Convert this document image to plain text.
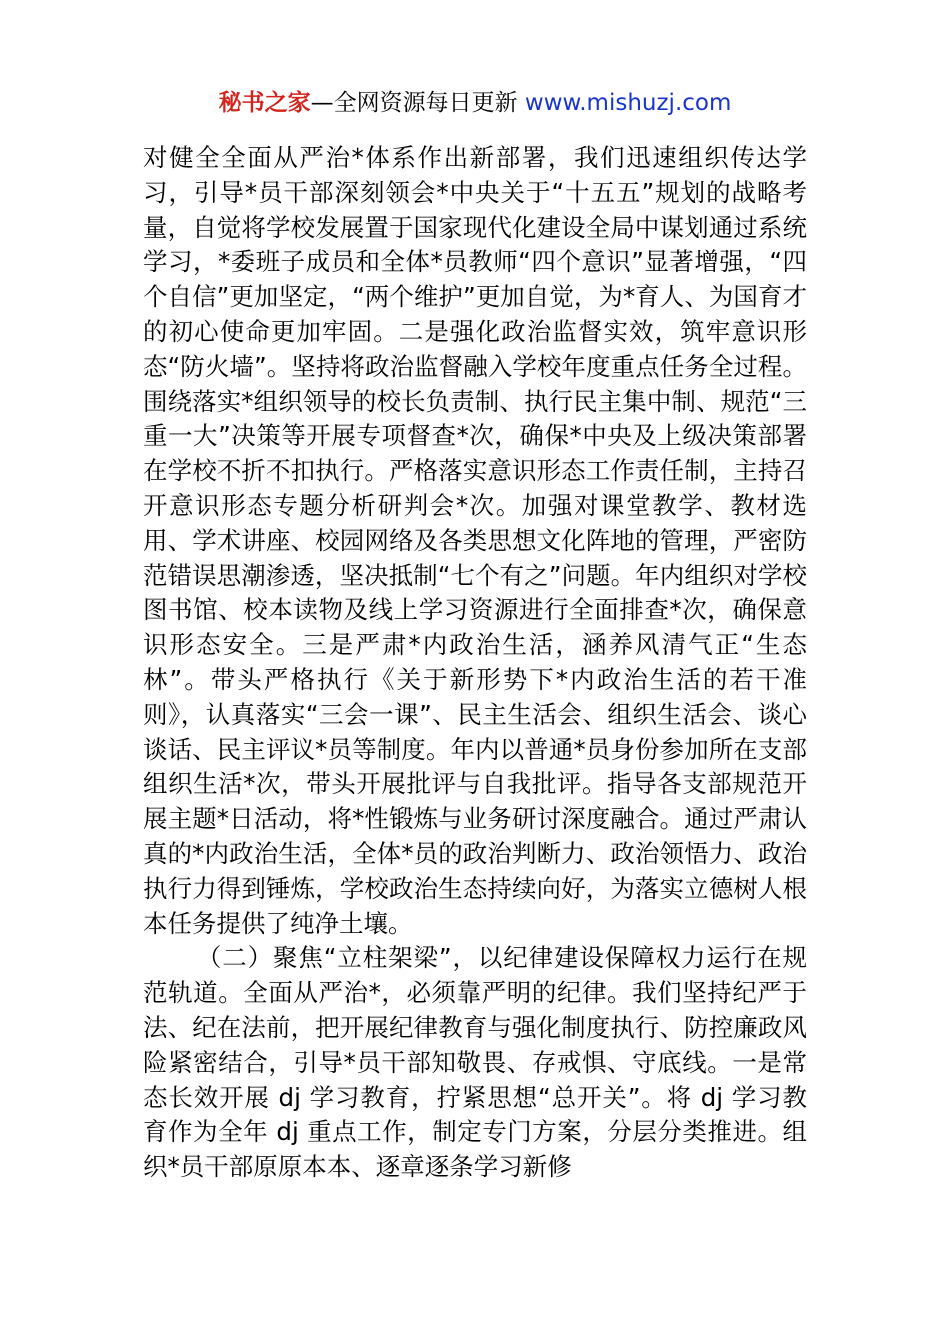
秘书之家—全网资源每日更新 www.mishuzj.com

对健全全面从严治*体系作出新部署，我们迅速组织传达学习，引导*员干部深刻领会*中央关于“十五五”规划的战略考量，自觉将学校发展置于国家现代化建设全局中谋划通过系统学习，*委班子成员和全体*员教师“四个意识”显著增强，“四个自信”更加坚定，“两个维护”更加自觉，为*育人、为国育才的初心使命更加牢固。二是强化政治监督实效，筑牢意识形态“防火墙”。坚持将政治监督融入学校年度重点任务全过程。围绕落实*组织领导的校长负责制、执行民主集中制、规范“三重一大”决策等开展专项督查*次，确保*中央及上级决策部署在学校不折不扣执行。严格落实意识形态工作责任制，主持召开意识形态专题分析研判会*次。加强对课堂教学、教材选用、学术讲座、校园网络及各类思想文化阵地的管理，严密防范错误思潮渗透，坚决抵制“七个有之”问题。年内组织对学校图书馆、校本读物及线上学习资源进行全面排查*次，确保意识形态安全。三是严肃*内政治生活，涵养风清气正“生态林”。带头严格执行《关于新形势下*内政治生活的若干准则》，认真落实“三会一课”、民主生活会、组织生活会、谈心谈话、民主评议*员等制度。年内以普通*员身份参加所在支部组织生活*次，带头开展批评与自我批评。指导各支部规范开展主题*日活动，将*性锻炼与业务研讨深度融合。通过严肃认真的*内政治生活，全体*员的政治判断力、政治领悟力、政治执行力得到锤炼，学校政治生态持续向好，为落实立德树人根本任务提供了纯净土壤。

（二）聚焦“立柱架梁”，以纪律建设保障权力运行在规范轨道。全面从严治*，必须靠严明的纪律。我们坚持纪严于法、纪在法前，把开展纪律教育与强化制度执行、防控廉政风险紧密结合，引导*员干部知敬畏、存戒惧、守底线。一是常态长效开展 dj 学习教育，拧紧思想“总开关”。将 dj 学习教育作为全年 dj 重点工作，制定专门方案，分层分类推进。组织*员干部原原本本、逐章逐条学习新修
